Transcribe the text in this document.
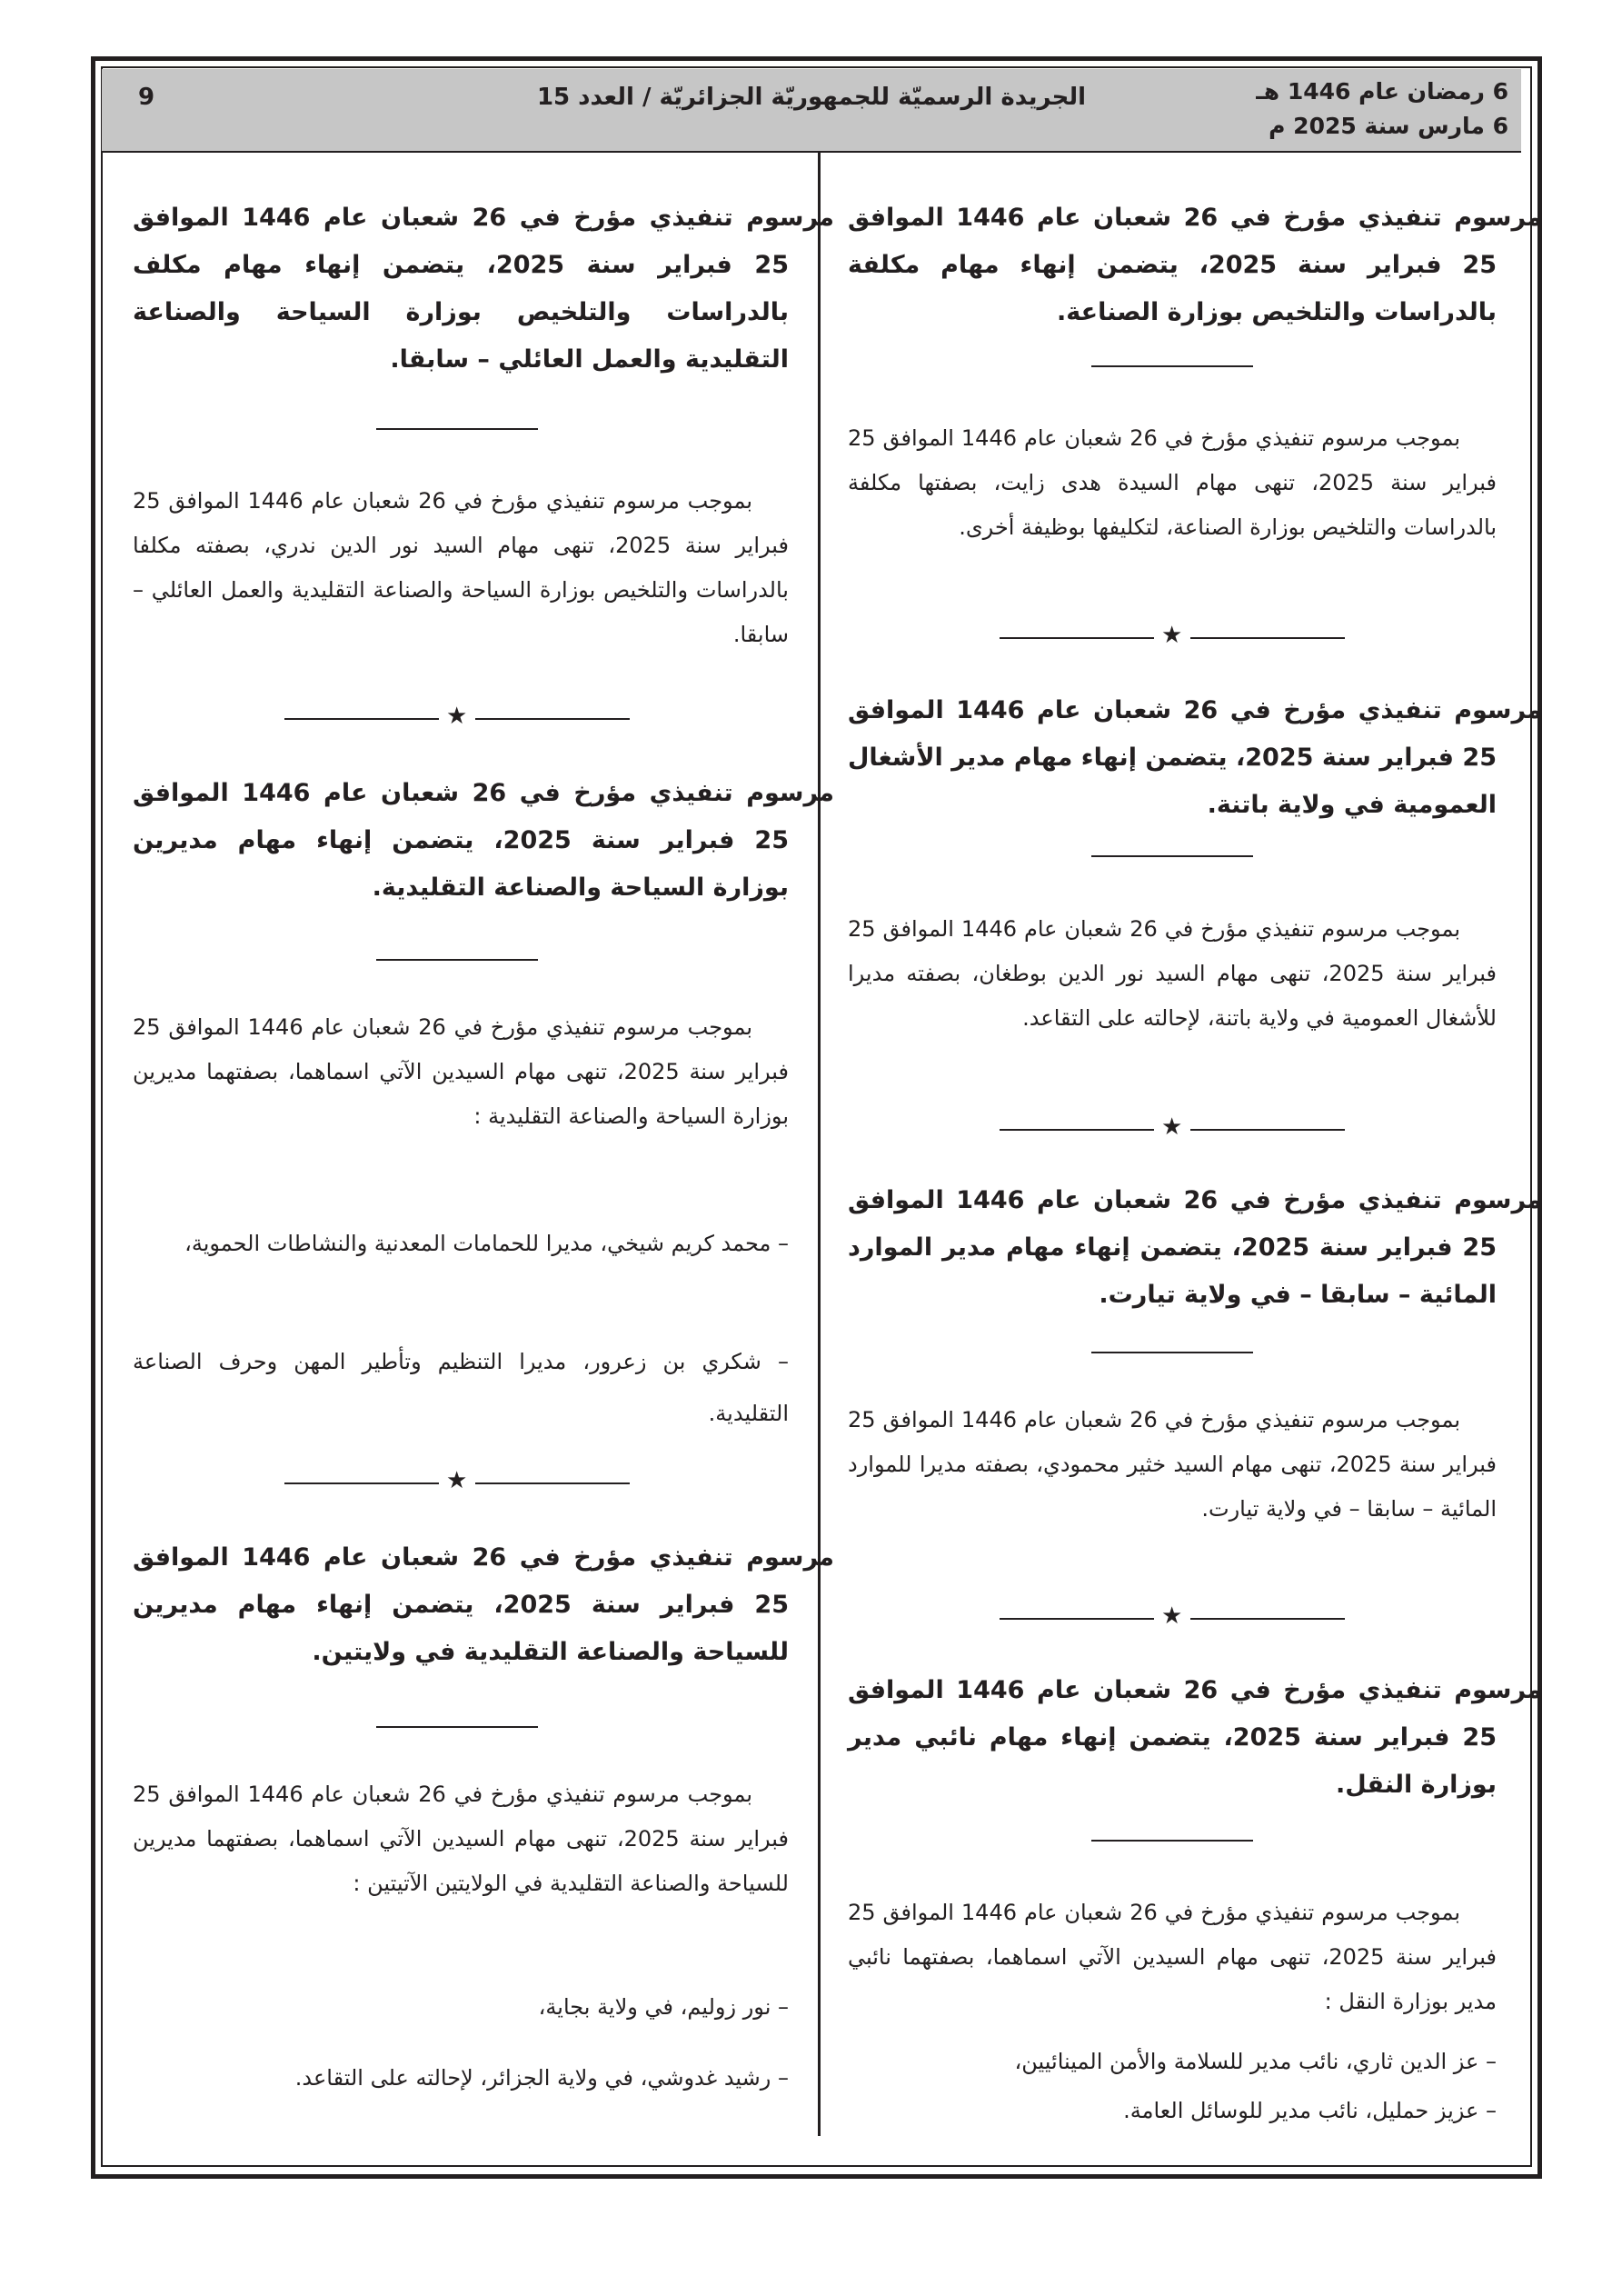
6 رمضان عام 1446 هـ
6 مارس سنة 2025 م
الجريدة الرسميّة للجمهوريّة الجزائريّة / العدد 15
9
مرسوم تنفيذي مؤرخ في 26 شعبان عام 1446 الموافق 25 فبراير سنة 2025، يتضمن إنهاء مهام مكلفة بالدراسات والتلخيص بوزارة الصناعة.
بموجب مرسوم تنفيذي مؤرخ في 26 شعبان عام 1446 الموافق 25 فبراير سنة 2025، تنهى مهام السيدة هدى زايت، بصفتها مكلفة بالدراسات والتلخيص بوزارة الصناعة، لتكليفها بوظيفة أخرى.
★
مرسوم تنفيذي مؤرخ في 26 شعبان عام 1446 الموافق 25 فبراير سنة 2025، يتضمن إنهاء مهام مدير الأشغال العمومية في ولاية باتنة.
بموجب مرسوم تنفيذي مؤرخ في 26 شعبان عام 1446 الموافق 25 فبراير سنة 2025، تنهى مهام السيد نور الدين بوطغان، بصفته مديرا للأشغال العمومية في ولاية باتنة، لإحالته على التقاعد.
★
مرسوم تنفيذي مؤرخ في 26 شعبان عام 1446 الموافق 25 فبراير سنة 2025، يتضمن إنهاء مهام مدير الموارد المائية – سابقا – في ولاية تيارت.
بموجب مرسوم تنفيذي مؤرخ في 26 شعبان عام 1446 الموافق 25 فبراير سنة 2025، تنهى مهام السيد خثير محمودي، بصفته مديرا للموارد المائية – سابقا – في ولاية تيارت.
★
مرسوم تنفيذي مؤرخ في 26 شعبان عام 1446 الموافق 25 فبراير سنة 2025، يتضمن إنهاء مهام نائبي مدير بوزارة النقل.
بموجب مرسوم تنفيذي مؤرخ في 26 شعبان عام 1446 الموافق 25 فبراير سنة 2025، تنهى مهام السيدين الآتي اسماهما، بصفتهما نائبي مدير بوزارة النقل :
– عز الدين ثاري، نائب مدير للسلامة والأمن المينائيين،
– عزيز حمليل، نائب مدير للوسائل العامة.
مرسوم تنفيذي مؤرخ في 26 شعبان عام 1446 الموافق 25 فبراير سنة 2025، يتضمن إنهاء مهام مكلف بالدراسات والتلخيص بوزارة السياحة والصناعة التقليدية والعمل العائلي – سابقا.
بموجب مرسوم تنفيذي مؤرخ في 26 شعبان عام 1446 الموافق 25 فبراير سنة 2025، تنهى مهام السيد نور الدين ندري، بصفته مكلفا بالدراسات والتلخيص بوزارة السياحة والصناعة التقليدية والعمل العائلي – سابقا.
★
مرسوم تنفيذي مؤرخ في 26 شعبان عام 1446 الموافق 25 فبراير سنة 2025، يتضمن إنهاء مهام مديرين بوزارة السياحة والصناعة التقليدية.
بموجب مرسوم تنفيذي مؤرخ في 26 شعبان عام 1446 الموافق 25 فبراير سنة 2025، تنهى مهام السيدين الآتي اسماهما، بصفتهما مديرين بوزارة السياحة والصناعة التقليدية :
– محمد كريم شيخي، مديرا للحمامات المعدنية والنشاطات الحموية،
– شكري بن زعرور، مديرا التنظيم وتأطير المهن وحرف الصناعة التقليدية.
★
مرسوم تنفيذي مؤرخ في 26 شعبان عام 1446 الموافق 25 فبراير سنة 2025، يتضمن إنهاء مهام مديرين للسياحة والصناعة التقليدية في ولايتين.
بموجب مرسوم تنفيذي مؤرخ في 26 شعبان عام 1446 الموافق 25 فبراير سنة 2025، تنهى مهام السيدين الآتي اسماهما، بصفتهما مديرين للسياحة والصناعة التقليدية في الولايتين الآتيتين :
– نور زوليم، في ولاية بجاية،
– رشيد غدوشي، في ولاية الجزائر، لإحالته على التقاعد.
